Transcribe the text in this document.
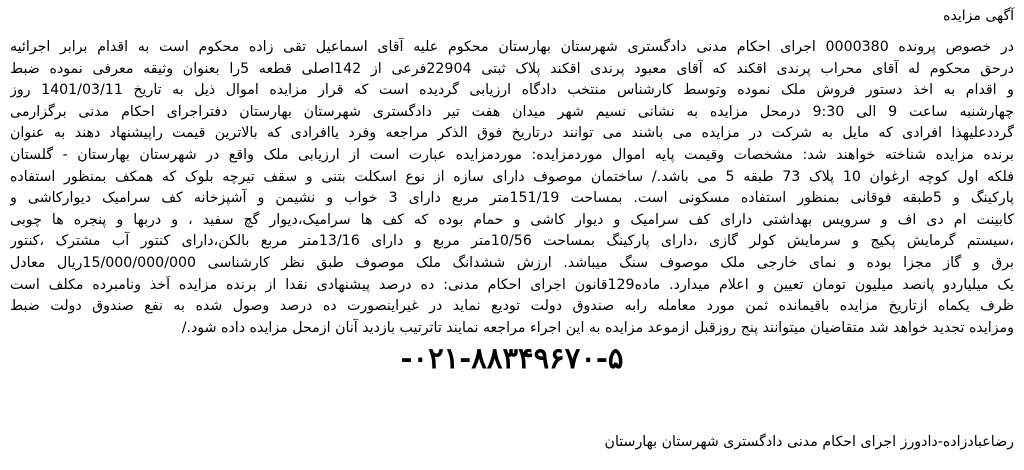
آگهی مزایده
در خصوص پرونده 0000380 اجرای احکام مدنی دادگستری شهرستان بهارستان محکوم علیه آقای اسماعیل تقی زاده محکوم است به اقدام برابر اجرائیه
درحق محکوم له آقای محراب پرندی اقکند که آقای معبود پرندی اقکند پلاک ثبتی 22904فرعی از 142اصلی قطعه 5را بعنوان وثیقه معرفی نموده ضبط
و اقدام به اخذ دستور فروش ملک نموده وتوسط کارشناس منتخب دادگاه ارزیابی گردیده است که قرار مزایده اموال ذیل به تاریخ 1401/03/11 روز
چهارشنبه ساعت 9 الی 9:30 درمحل مزایده به نشانی نسیم شهر میدان هفت تیر دادگستری شهرستان بهارستان دفتراجرای احکام مدنی برگزارمی
گرددعلیهذا افرادی که مایل به شرکت در مزایده می باشند می توانند درتاریخ فوق الذکر مراجعه وفرد یاافرادی که بالاترین قیمت راپیشنهاد دهند به عنوان
برنده مزایده شناخته خواهند شد: مشخصات وقیمت پایه اموال موردمزایده: موردمزایده عبارت است از ارزیابی ملک واقع در شهرستان بهارستان - گلستان
فلکه اول کوچه ارغوان 10 پلاک 73 طبقه 5 می باشد./ ساختمان موصوف دارای سازه از نوع اسکلت بتنی و سقف تیرچه بلوک که همکف بمنظور استفاده
پارکینگ و 5طبقه فوقانی بمنظور استفاده مسکونی است. بمساحت 151/19متر مربع دارای 3 خواب و نشیمن و آشپزخانه کف سرامیک دیوارکاشی و
کابینت ام دی اف و سرویس بهداشتی دارای کف سرامیک و دیوار کاشی و حمام بوده که کف ها سرامیک،دیوار گچ سفید ، و دربها و پنجره ها چوبی
،سیستم گرمایش پکیج و سرمایش کولر گازی ،دارای پارکینگ بمساحت 10/56متر مربع و دارای 13/16متر مربع بالکن،دارای کنتور آب مشترک ،کنتور
برق و گاز مجزا بوده و نمای خارجی ملک موصوف سنگ میباشد. ارزش ششدانگ ملک موصوف طبق نظر کارشناسی 15/000/000/000ریال معادل
یک میلیاردو پانصد میلیون تومان تعیین و اعلام میدارد. ماده129قانون اجرای احکام مدنی: ده درصد پیشنهادی نقدا از برنده مزایده اَخذ ونامبرده مکلف است
ظرف یکماه ازتاریخ مزایده باقیمانده ثمن مورد معامله رابه صندوق دولت تودیع نماید در غیراینصورت ده درصد وصول شده به نفع صندوق دولت ضبط
ومزایده تجدید خواهد شد متقاضیان میتوانند پنج روزقبل ازموعد مزایده به این اجراء مراجعه نمایند تاترتیب بازدید آنان ازمحل مزایده داده شود./
-۰۲۱-۸۸۳۴۹۶۷۰-۵
رضاعبادزاده-دادورز اجرای احکام مدنی دادگستری شهرستان بهارستان
